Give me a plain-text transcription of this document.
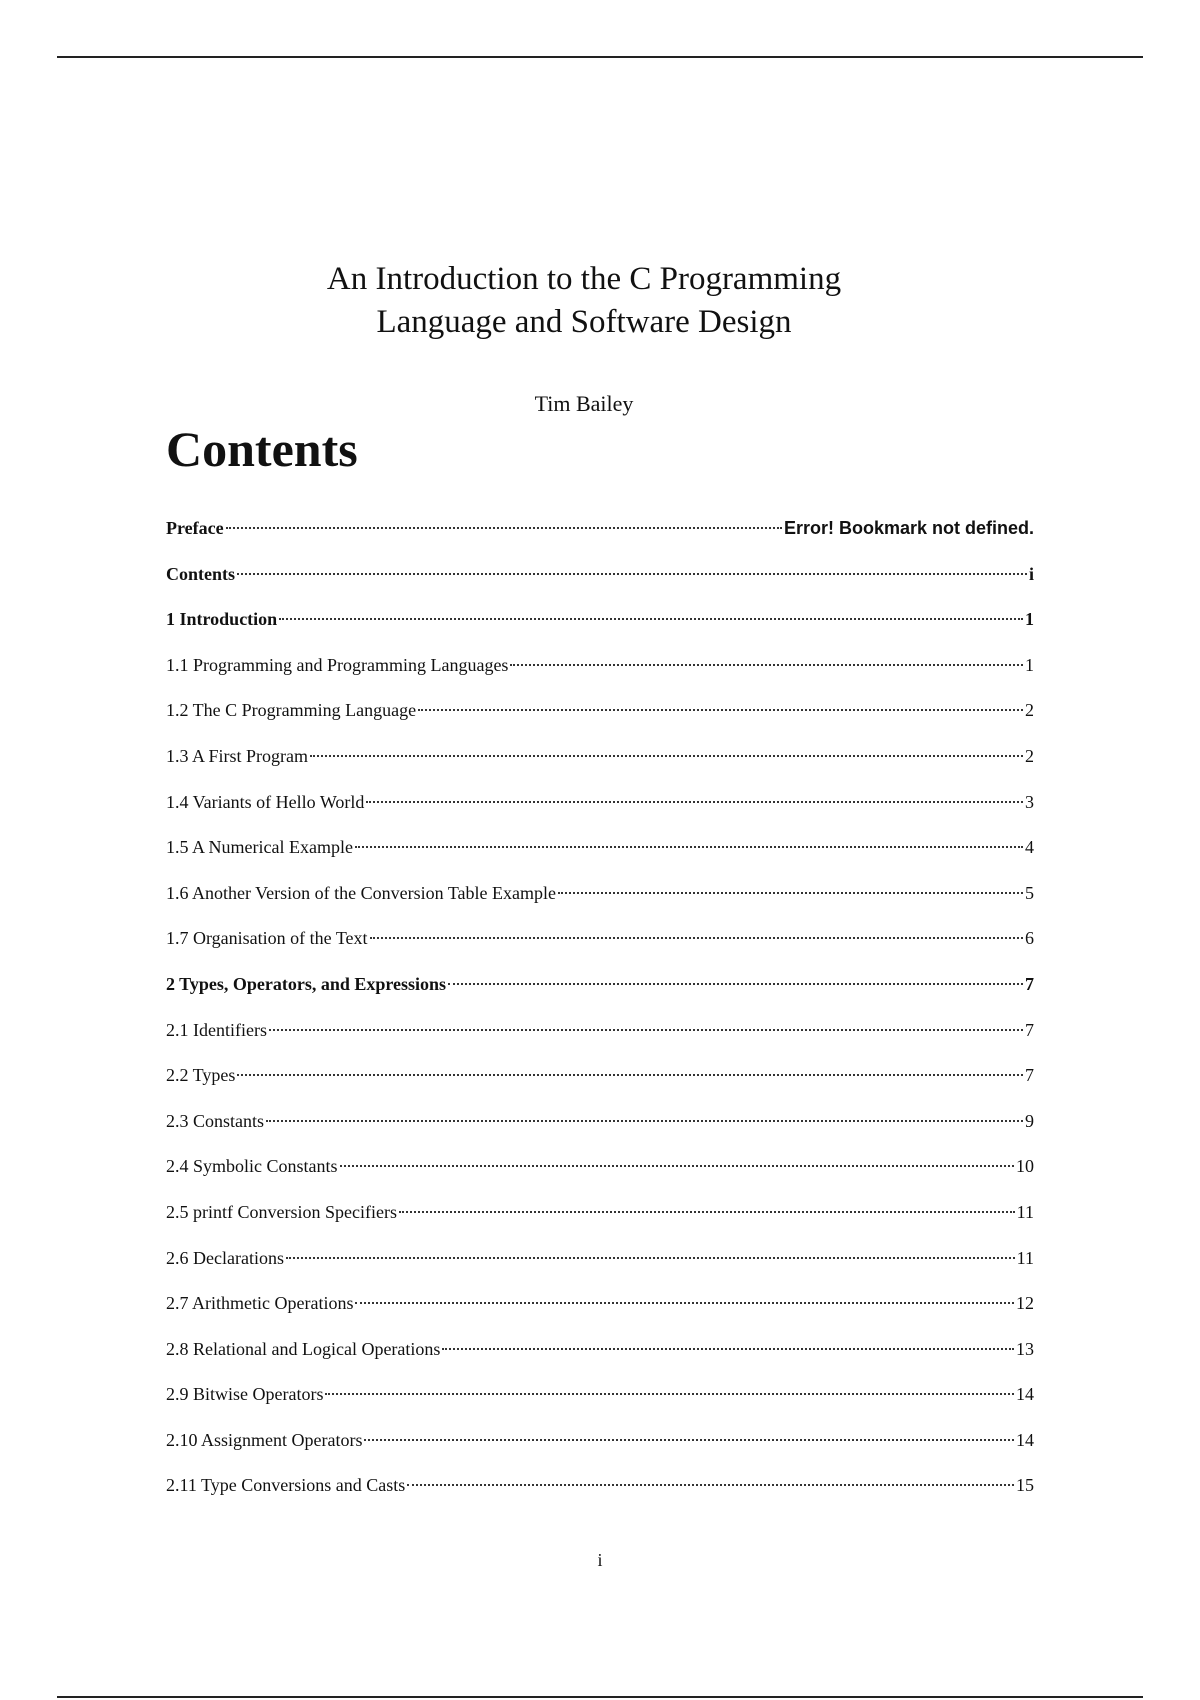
An Introduction to the C Programming
Language and Software Design
Tim Bailey
Contents
Preface	Error! Bookmark not defined.
Contents	i
1 Introduction	1
1.1 Programming and Programming Languages	1
1.2 The C Programming Language	2
1.3 A First Program	2
1.4 Variants of Hello World	3
1.5 A Numerical Example	4
1.6 Another Version of the Conversion Table Example	5
1.7 Organisation of the Text	6
2 Types, Operators, and Expressions	7
2.1 Identifiers	7
2.2 Types	7
2.3 Constants	9
2.4 Symbolic Constants	10
2.5 printf Conversion Specifiers	11
2.6 Declarations	11
2.7 Arithmetic Operations	12
2.8 Relational and Logical Operations	13
2.9 Bitwise Operators	14
2.10 Assignment Operators	14
2.11 Type Conversions and Casts	15
i
